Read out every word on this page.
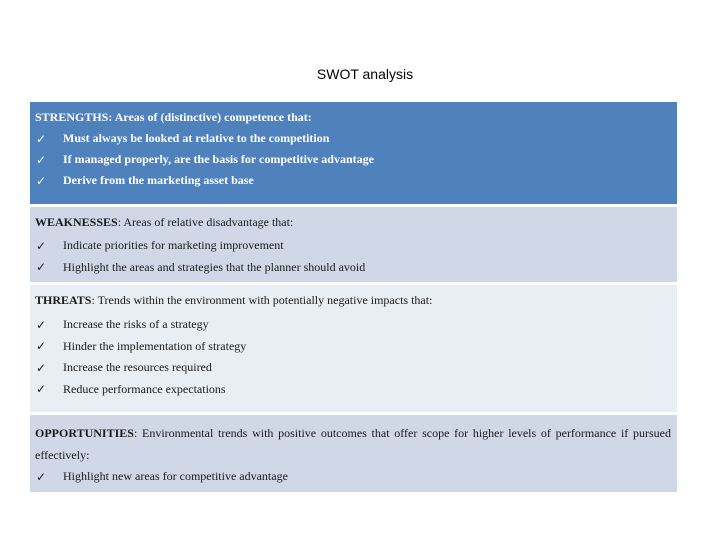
SWOT analysis
STRENGTHS: Areas of (distinctive) competence that:
✓	Must always be looked at relative to the competition
✓	If managed properly, are the basis for competitive advantage
✓	Derive from the marketing asset base
WEAKNESSES: Areas of relative disadvantage that:
✓	Indicate priorities for marketing improvement
✓	Highlight the areas and strategies that the planner should avoid
THREATS: Trends within the environment with potentially negative impacts that:
✓	Increase the risks of a strategy
✓	Hinder the implementation of strategy
✓	Increase the resources required
✓	Reduce performance expectations
OPPORTUNITIES: Environmental trends with positive outcomes that offer scope for higher levels of performance if pursued effectively:
✓	Highlight new areas for competitive advantage
